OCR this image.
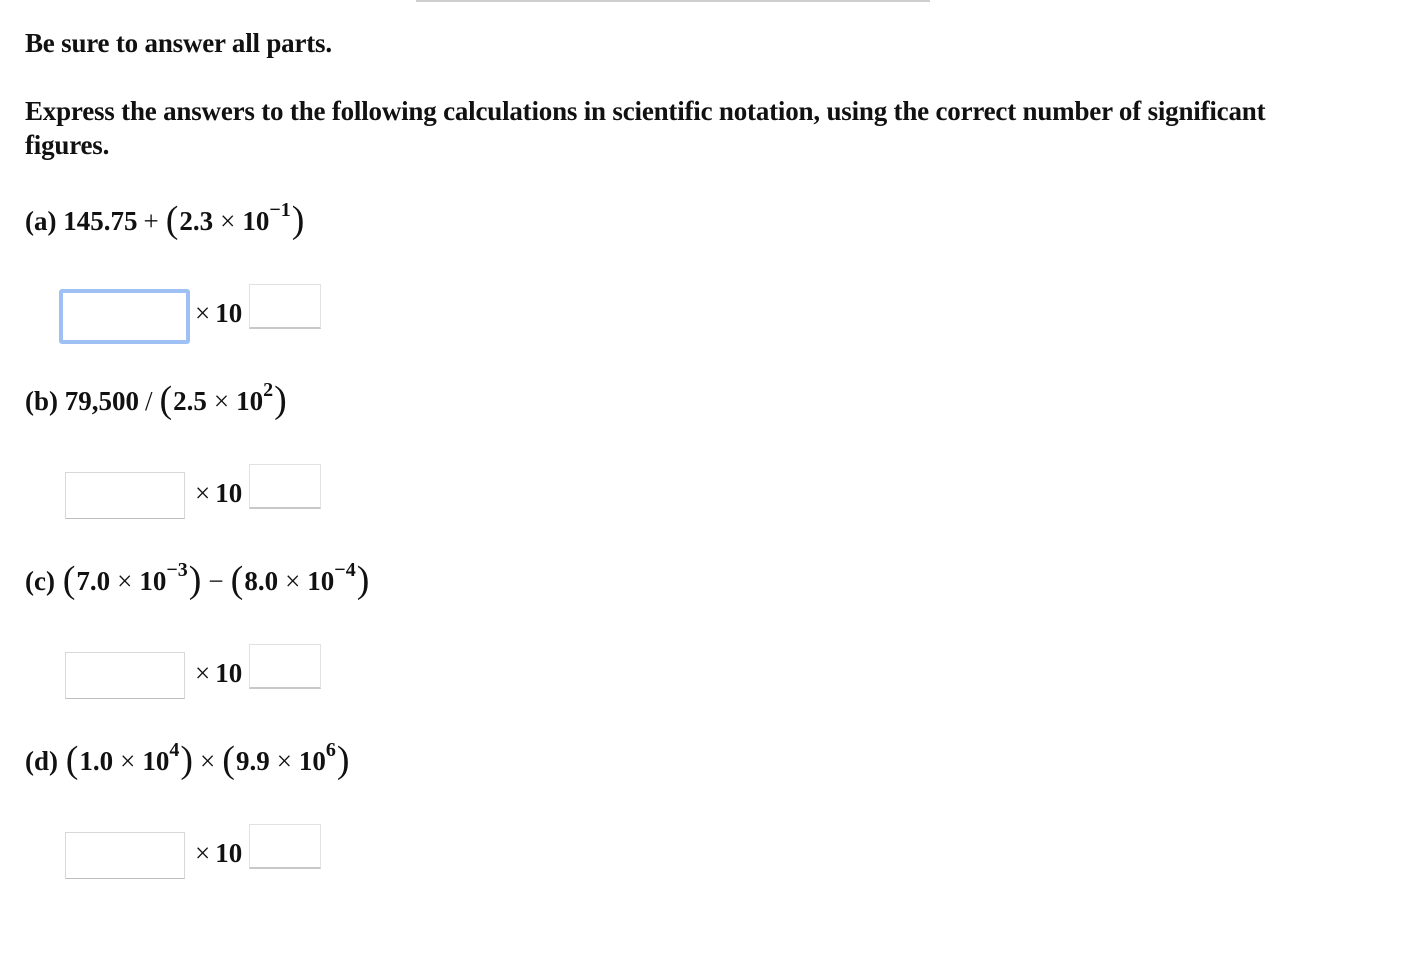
Be sure to answer all parts.
Express the answers to the following calculations in scientific notation, using the correct number of significant figures.
(a)
145.75 + ( 2.3 × 10 −1 )
× 10
(b)
79,500 / ( 2.5 × 10 2 )
× 10
(c)
( 7.0 × 10 −3 ) − ( 8.0 × 10 −4 )
× 10
(d)
( 1.0 × 10 4 ) × ( 9.9 × 10 6 )
× 10
